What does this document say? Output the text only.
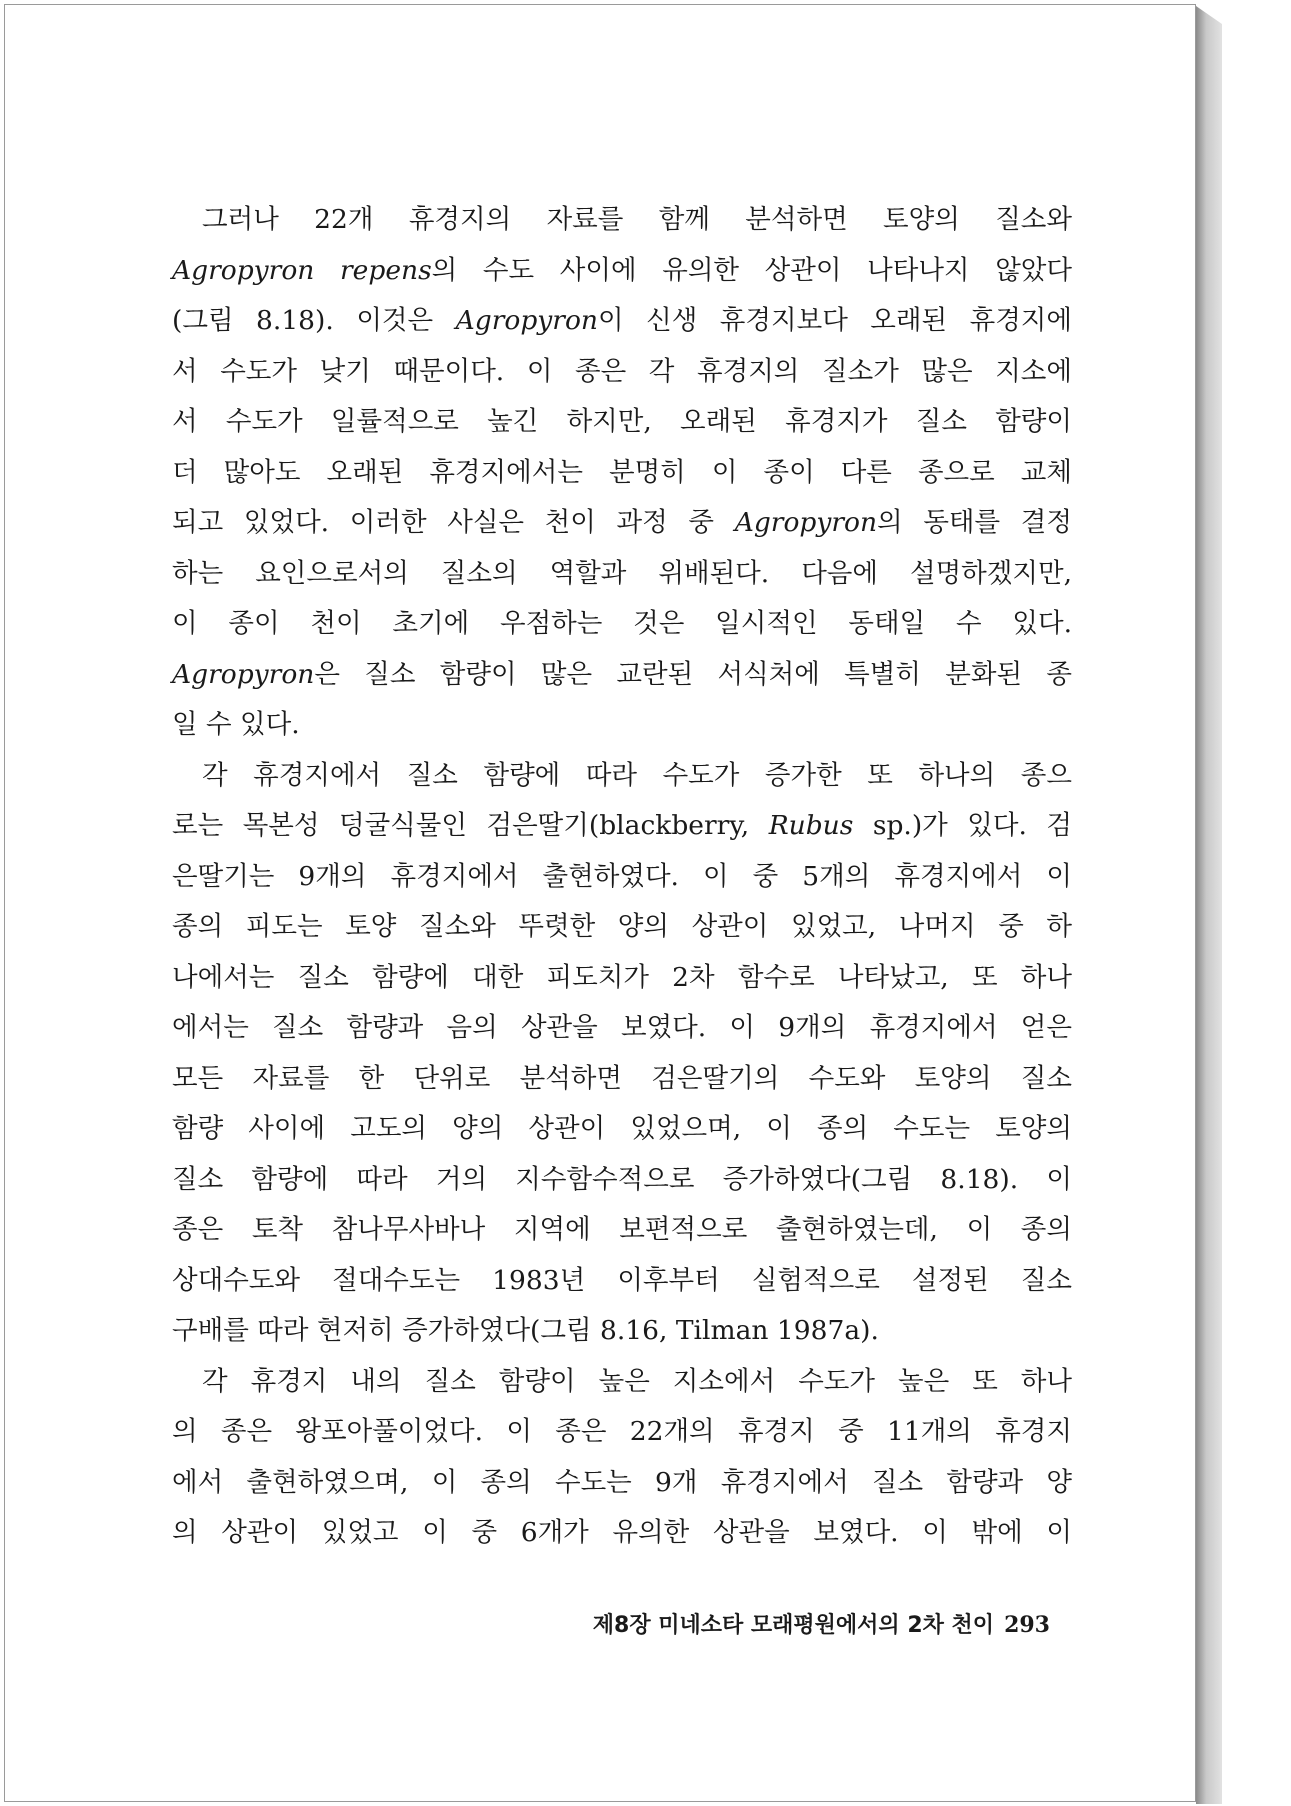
그러나 22개 휴경지의 자료를 함께 분석하면 토양의 질소와
Agropyron repens의 수도 사이에 유의한 상관이 나타나지 않았다
(그림 8.18). 이것은 Agropyron이 신생 휴경지보다 오래된 휴경지에
서 수도가 낮기 때문이다. 이 종은 각 휴경지의 질소가 많은 지소에
서 수도가 일률적으로 높긴 하지만, 오래된 휴경지가 질소 함량이
더 많아도 오래된 휴경지에서는 분명히 이 종이 다른 종으로 교체
되고 있었다. 이러한 사실은 천이 과정 중 Agropyron의 동태를 결정
하는 요인으로서의 질소의 역할과 위배된다. 다음에 설명하겠지만,
이 종이 천이 초기에 우점하는 것은 일시적인 동태일 수 있다.
Agropyron은 질소 함량이 많은 교란된 서식처에 특별히 분화된 종
일 수 있다.

각 휴경지에서 질소 함량에 따라 수도가 증가한 또 하나의 종으
로는 목본성 덩굴식물인 검은딸기(blackberry, Rubus sp.)가 있다. 검
은딸기는 9개의 휴경지에서 출현하였다. 이 중 5개의 휴경지에서 이
종의 피도는 토양 질소와 뚜렷한 양의 상관이 있었고, 나머지 중 하
나에서는 질소 함량에 대한 피도치가 2차 함수로 나타났고, 또 하나
에서는 질소 함량과 음의 상관을 보였다. 이 9개의 휴경지에서 얻은
모든 자료를 한 단위로 분석하면 검은딸기의 수도와 토양의 질소
함량 사이에 고도의 양의 상관이 있었으며, 이 종의 수도는 토양의
질소 함량에 따라 거의 지수함수적으로 증가하였다(그림 8.18). 이
종은 토착 참나무사바나 지역에 보편적으로 출현하였는데, 이 종의
상대수도와 절대수도는 1983년 이후부터 실험적으로 설정된 질소
구배를 따라 현저히 증가하였다(그림 8.16, Tilman 1987a).

각 휴경지 내의 질소 함량이 높은 지소에서 수도가 높은 또 하나
의 종은 왕포아풀이었다. 이 종은 22개의 휴경지 중 11개의 휴경지
에서 출현하였으며, 이 종의 수도는 9개 휴경지에서 질소 함량과 양
의 상관이 있었고 이 중 6개가 유의한 상관을 보였다. 이 밖에 이

제8장 미네소타 모래평원에서의 2차 천이 293
